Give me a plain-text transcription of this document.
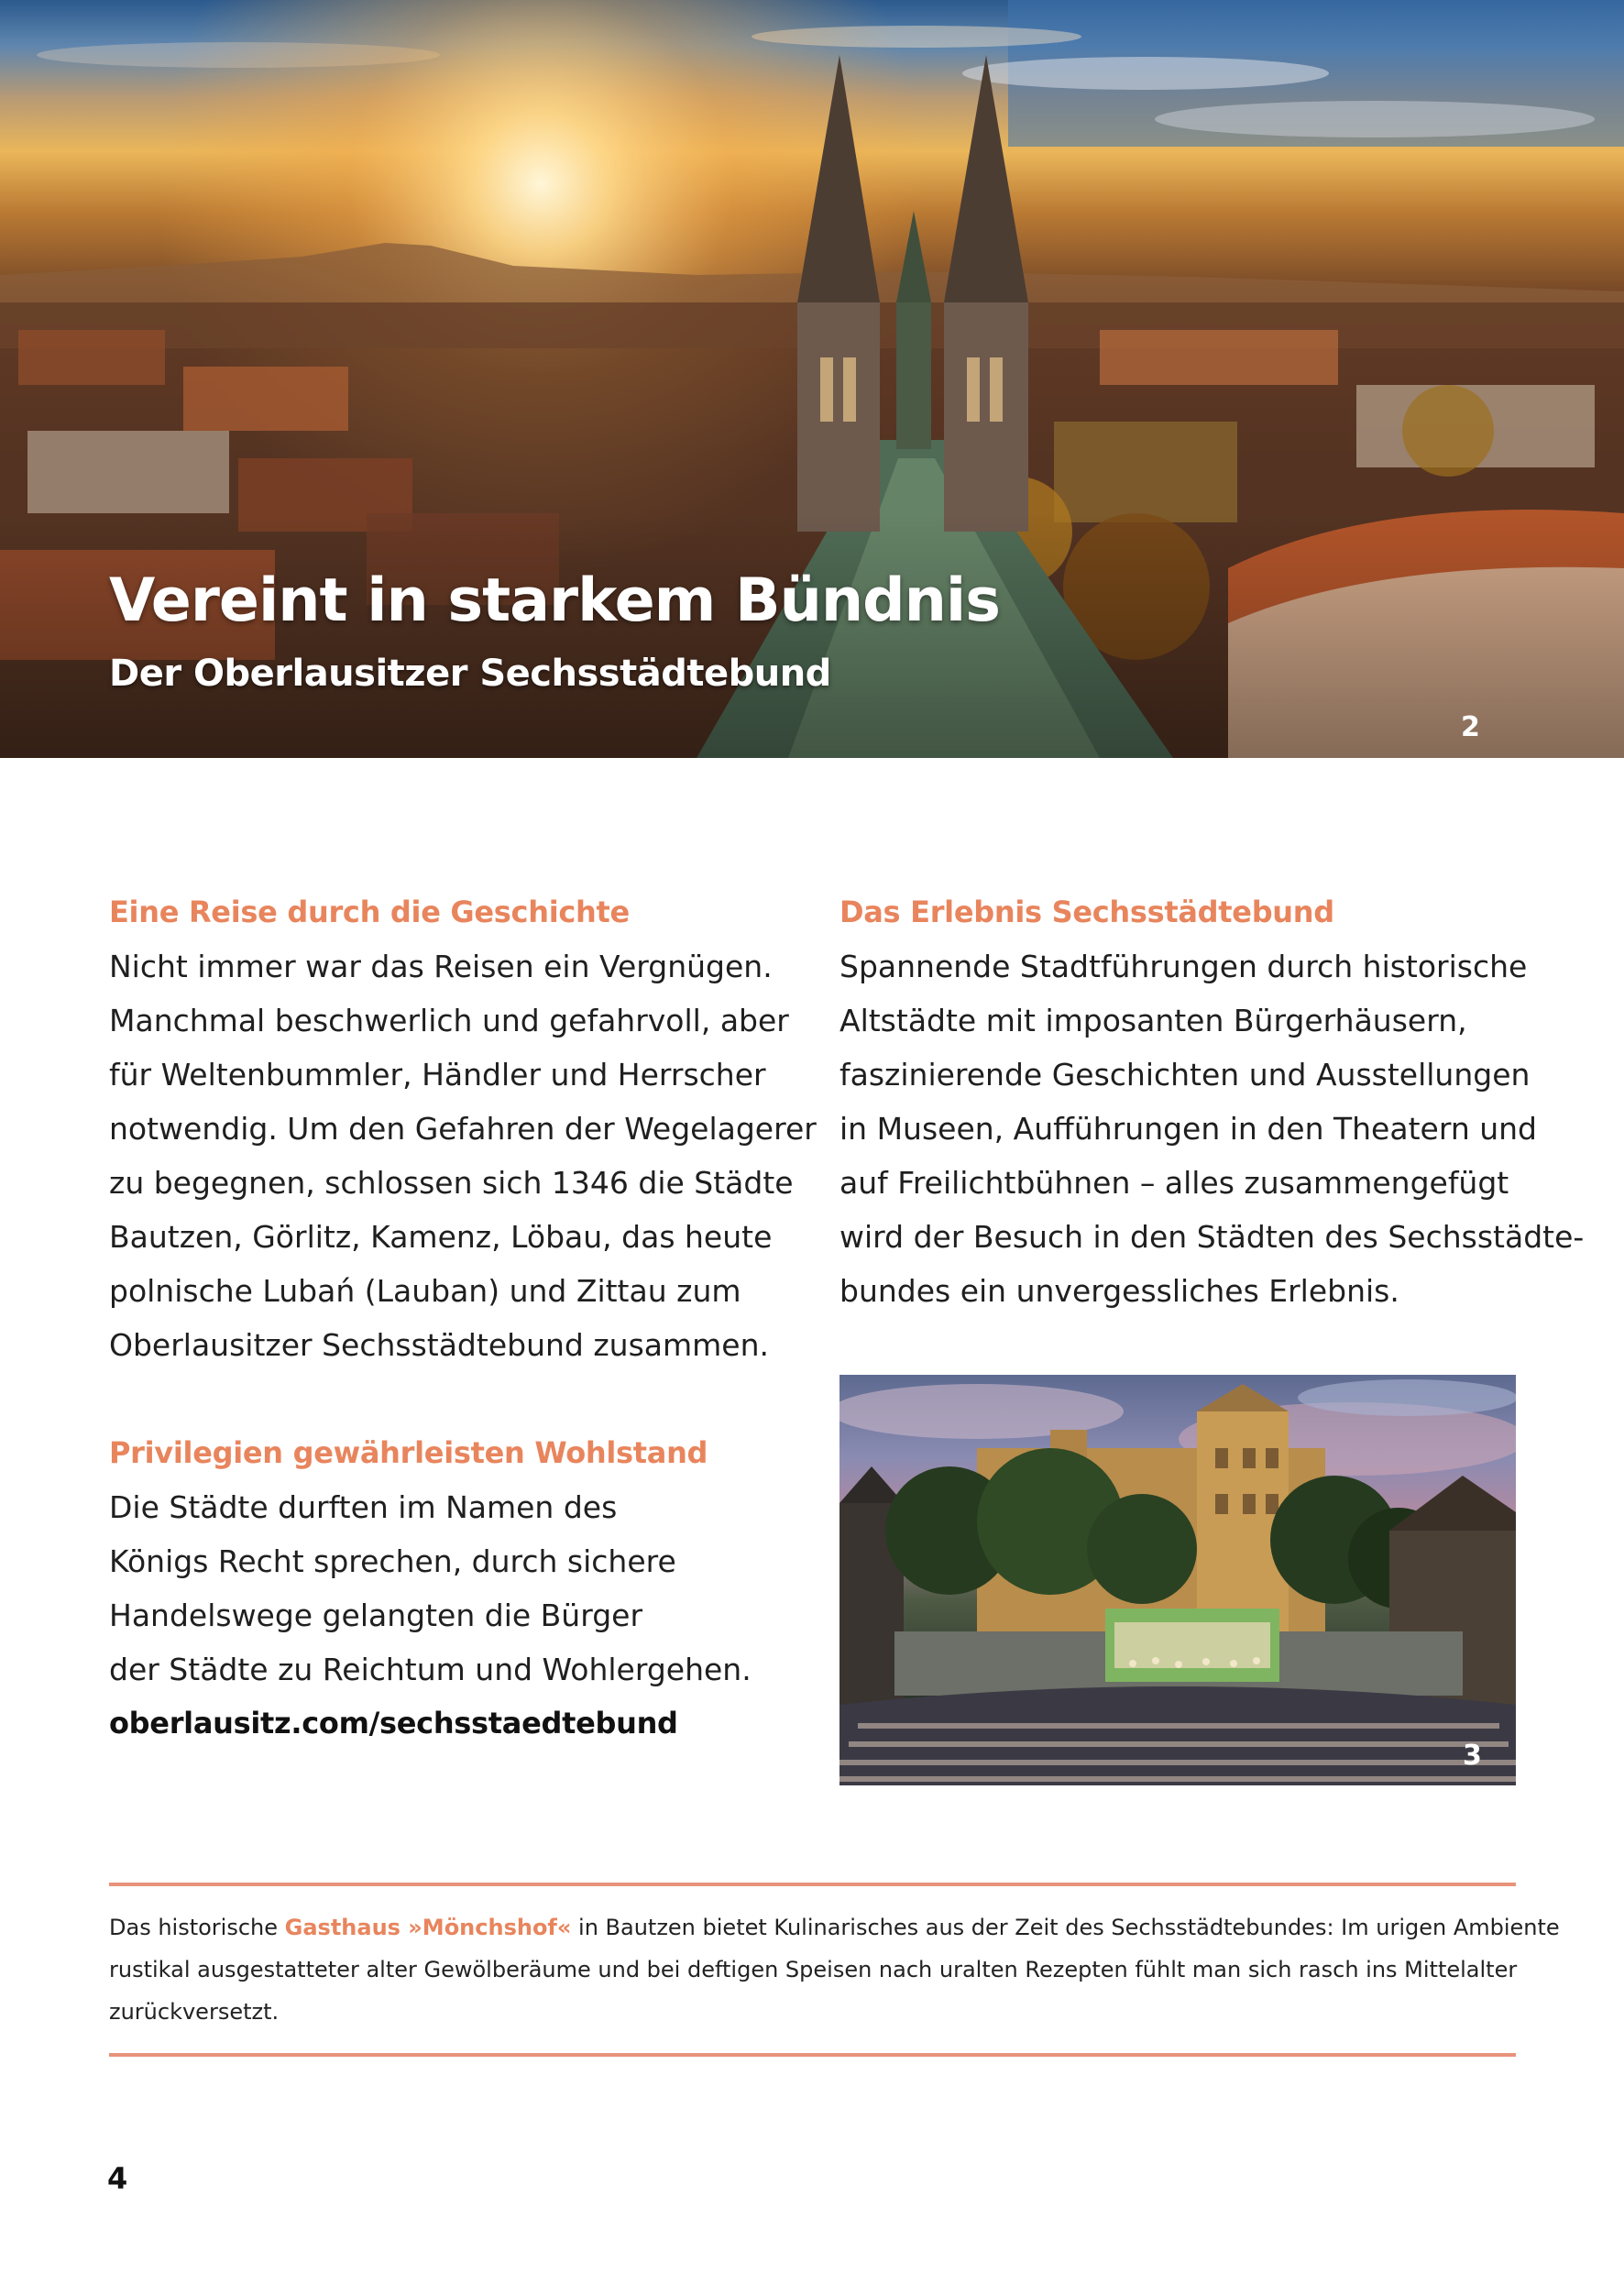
Vereint in starkem Bündnis
Der Oberlausitzer Sechsstädtebund
2
Eine Reise durch die Geschichte

Nicht immer war das Reisen ein Vergnügen.
Manchmal beschwerlich und gefahrvoll, aber
für Weltenbummler, Händler und Herrscher
notwendig. Um den Gefahren der Wegelagerer
zu begegnen, schlossen sich 1346 die Städte
Bautzen, Görlitz, Kamenz, Löbau, das heute
polnische Lubań (Lauban) und Zittau zum
Oberlausitzer Sechsstädtebund zusammen.

Privilegien gewährleisten Wohlstand

Die Städte durften im Namen des
Königs Recht sprechen, durch sichere
Handelswege gelangten die Bürger
der Städte zu Reichtum und Wohlergehen.

oberlausitz.com/sechsstaedtebund

Das Erlebnis Sechsstädtebund

Spannende Stadtführungen durch historische
Altstädte mit imposanten Bürgerhäusern,
faszinierende Geschichten und Ausstellungen
in Museen, Aufführungen in den Theatern und
auf Freilichtbühnen – alles zusammengefügt
wird der Besuch in den Städten des Sechsstädte-
bundes ein unvergessliches Erlebnis.

3

Das historische Gasthaus »Mönchshof« in Bautzen bietet Kulinarisches aus der Zeit des Sechsstädtebundes: Im urigen Ambiente
rustikal ausgestatteter alter Gewölberäume und bei deftigen Speisen nach uralten Rezepten fühlt man sich rasch ins Mittelalter
zurückversetzt.

4
